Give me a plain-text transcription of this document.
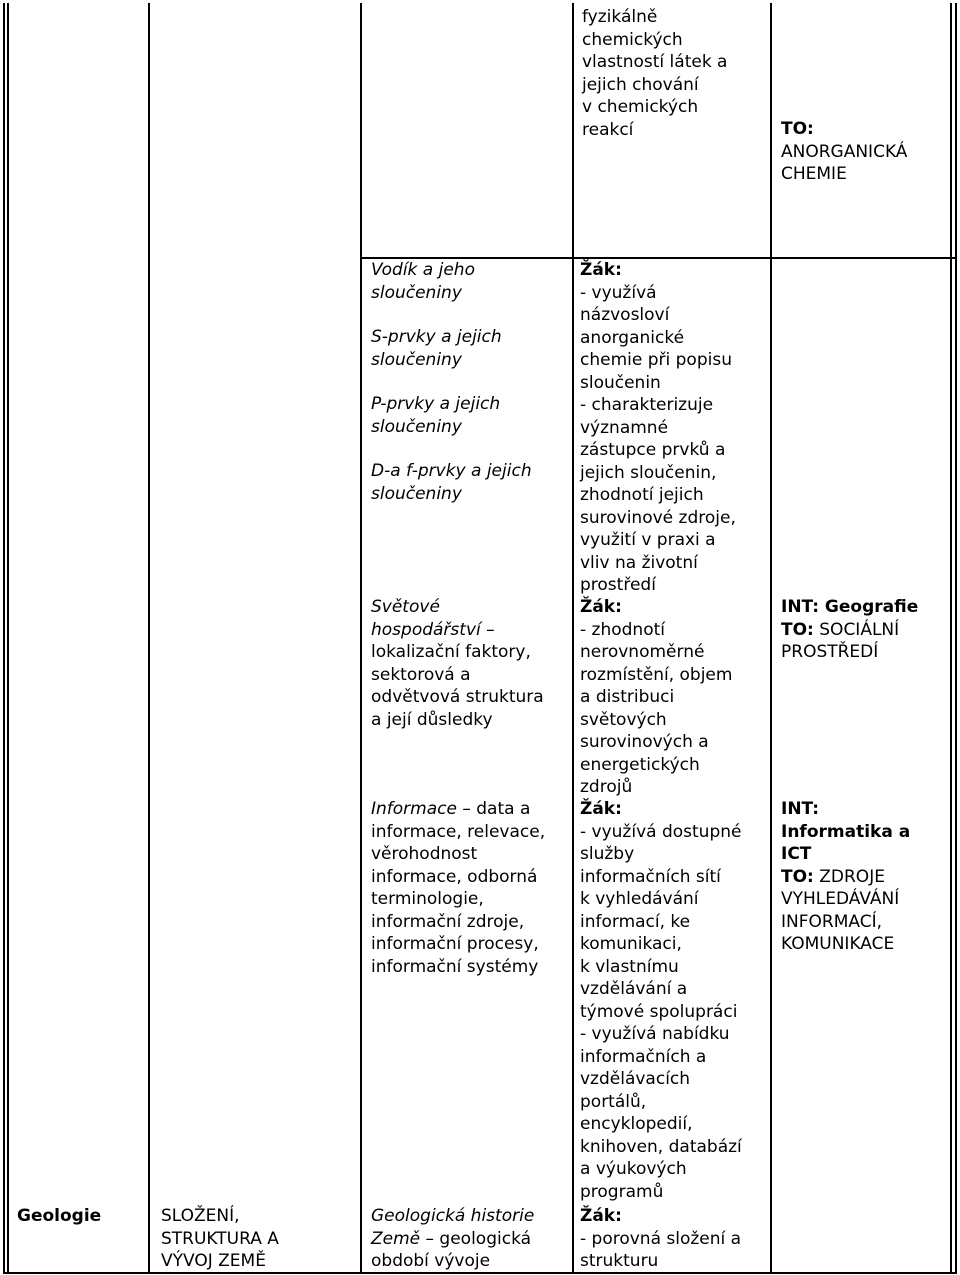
fyzikálně
chemických
vlastností látek a
jejich chování
v chemických
reakcí	TO:
ANORGANICKÁ
CHEMIE
Vodík a jeho
sloučeniny
S-prvky a jejich
sloučeniny
P-prvky a jejich
sloučeniny
D-a f-prvky a jejich
sloučeniny
Žák:
- využívá
názvosloví
anorganické
chemie při popisu
sloučenin
- charakterizuje
významné
zástupce prvků a
jejich sloučenin,
zhodnotí jejich
surovinové zdroje,
využití v praxi a
vliv na životní
prostředí
Světové
hospodářství –
lokalizační faktory,
sektorová a
odvětvová struktura
a její důsledky
Žák:
- zhodnotí
nerovnoměrné
rozmístění, objem
a distribuci
světových
surovinových a
energetických
zdrojů
INT: Geografie
TO: SOCIÁLNÍ
PROSTŘEDÍ
Informace – data a
informace, relevace,
věrohodnost
informace, odborná
terminologie,
informační zdroje,
informační procesy,
informační systémy
Žák:
- využívá dostupné
služby
informačních sítí
k vyhledávání
informací, ke
komunikaci,
k vlastnímu
vzdělávání a
týmové spolupráci
- využívá nabídku
informačních a
vzdělávacích
portálů,
encyklopedií,
knihoven, databází
a výukových
programů
INT:
Informatika a
ICT
TO: ZDROJE
VYHLEDÁVÁNÍ
INFORMACÍ,
KOMUNIKACE
Geologie	SLOŽENÍ,
STRUKTURA A
VÝVOJ ZEMĚ
Geologická historie
Země – geologická
období vývoje
Žák:
- porovná složení a
strukturu
